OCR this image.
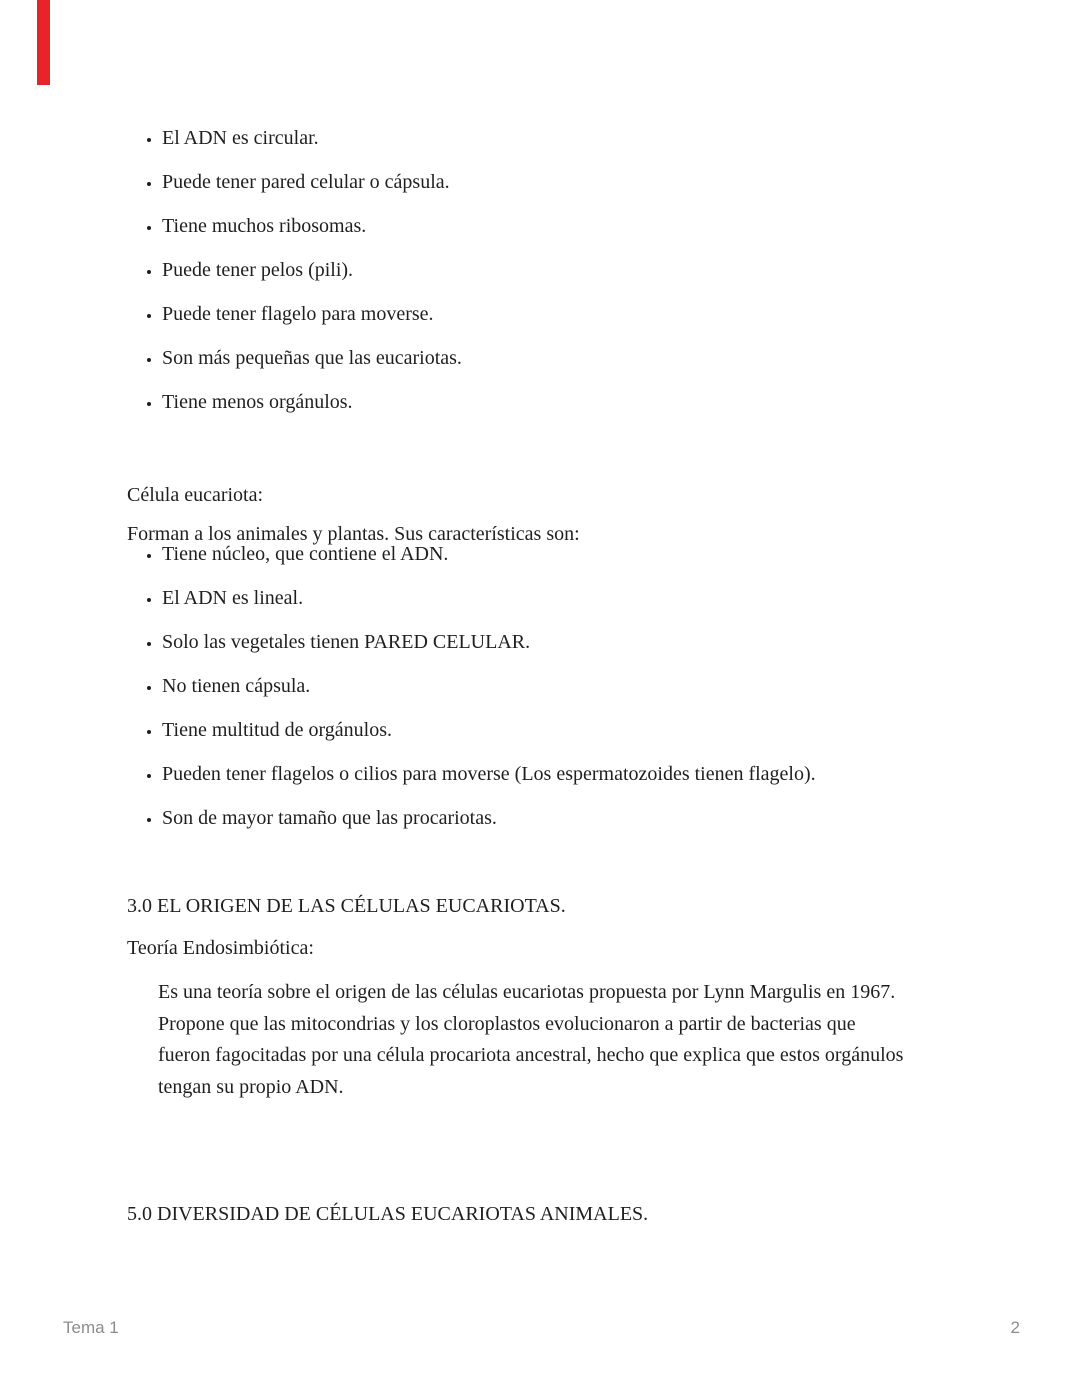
• El ADN es circular.
• Puede tener pared celular o cápsula.
• Tiene muchos ribosomas.
• Puede tener pelos (pili).
• Puede tener flagelo para moverse.
• Son más pequeñas que las eucariotas.
• Tiene menos orgánulos.

Célula eucariota:

Forman a los animales y plantas. Sus características son:

• Tiene núcleo, que contiene el ADN.
• El ADN es lineal.
• Solo las vegetales tienen PARED CELULAR.
• No tienen cápsula.
• Tiene multitud de orgánulos.
• Pueden tener flagelos o cilios para moverse (Los espermatozoides tienen flagelo).
• Son de mayor tamaño que las procariotas.

3.0 EL ORIGEN DE LAS CÉLULAS EUCARIOTAS.

Teoría Endosimbiótica:

Es una teoría sobre el origen de las células eucariotas propuesta por Lynn Margulis en 1967.
Propone que las mitocondrias y los cloroplastos evolucionaron a partir de bacterias que
fueron fagocitadas por una célula procariota ancestral, hecho que explica que estos orgánulos
tengan su propio ADN.

5.0 DIVERSIDAD DE CÉLULAS EUCARIOTAS ANIMALES.

Tema 1	2
